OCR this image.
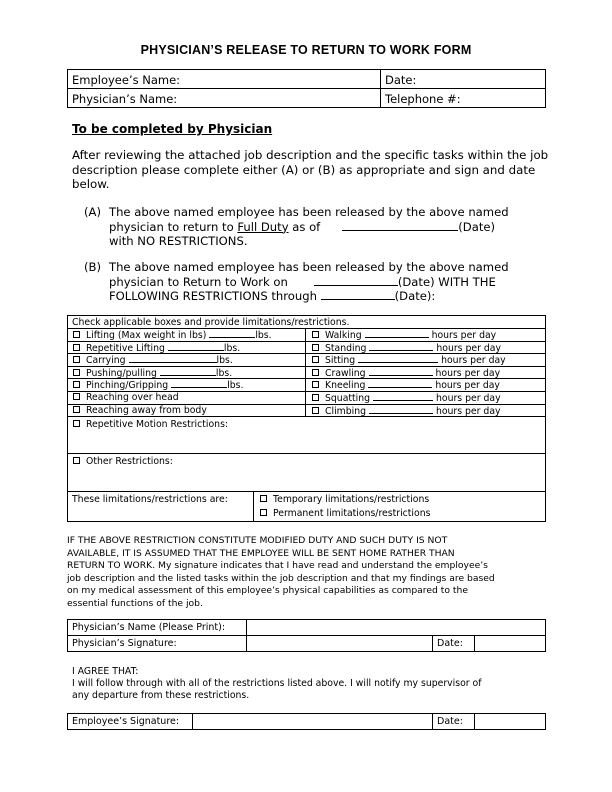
PHYSICIAN’S RELEASE TO RETURN TO WORK FORM
Employee’s Name:	Date:
Physician’s Name:	Telephone #:
To be completed by Physician
After reviewing the attached job description and the specific tasks within the job description please complete either (A) or (B) as appropriate and sign and date below.
(A) The above named employee has been released by the above named
physician to return to Full Duty as of	(Date)
with NO RESTRICTIONS.
(B) The above named employee has been released by the above named
physician to Return to Work on	(Date) WITH THE
FOLLOWING RESTRICTIONS through	(Date):
Check applicable boxes and provide limitations/restrictions.
Lifting (Max weight in lbs)	lbs.
Repetitive Lifting	lbs.
Carrying	lbs.
Pushing/pulling	lbs.
Pinching/Gripping	lbs.
Reaching over head
Reaching away from body
Walking	hours per day
Standing	hours per day
Sitting	hours per day
Crawling	hours per day
Kneeling	hours per day
Squatting	hours per day
Climbing	hours per day
Repetitive Motion Restrictions:
Other Restrictions:
These limitations/restrictions are:	Temporary limitations/restrictions
Permanent limitations/restrictions
IF THE ABOVE RESTRICTION CONSTITUTE MODIFIED DUTY AND SUCH DUTY IS NOT
AVAILABLE, IT IS ASSUMED THAT THE EMPLOYEE WILL BE SENT HOME RATHER THAN
RETURN TO WORK. My signature indicates that I have read and understand the employee’s
job description and the listed tasks within the job description and that my findings are based
on my medical assessment of this employee’s physical capabilities as compared to the
essential functions of the job.
Physician’s Name (Please Print):			
Physician’s Signature:		Date:	
I AGREE THAT:
I will follow through with all of the restrictions listed above. I will notify my supervisor of
any departure from these restrictions.
Employee’s Signature:		Date:	
